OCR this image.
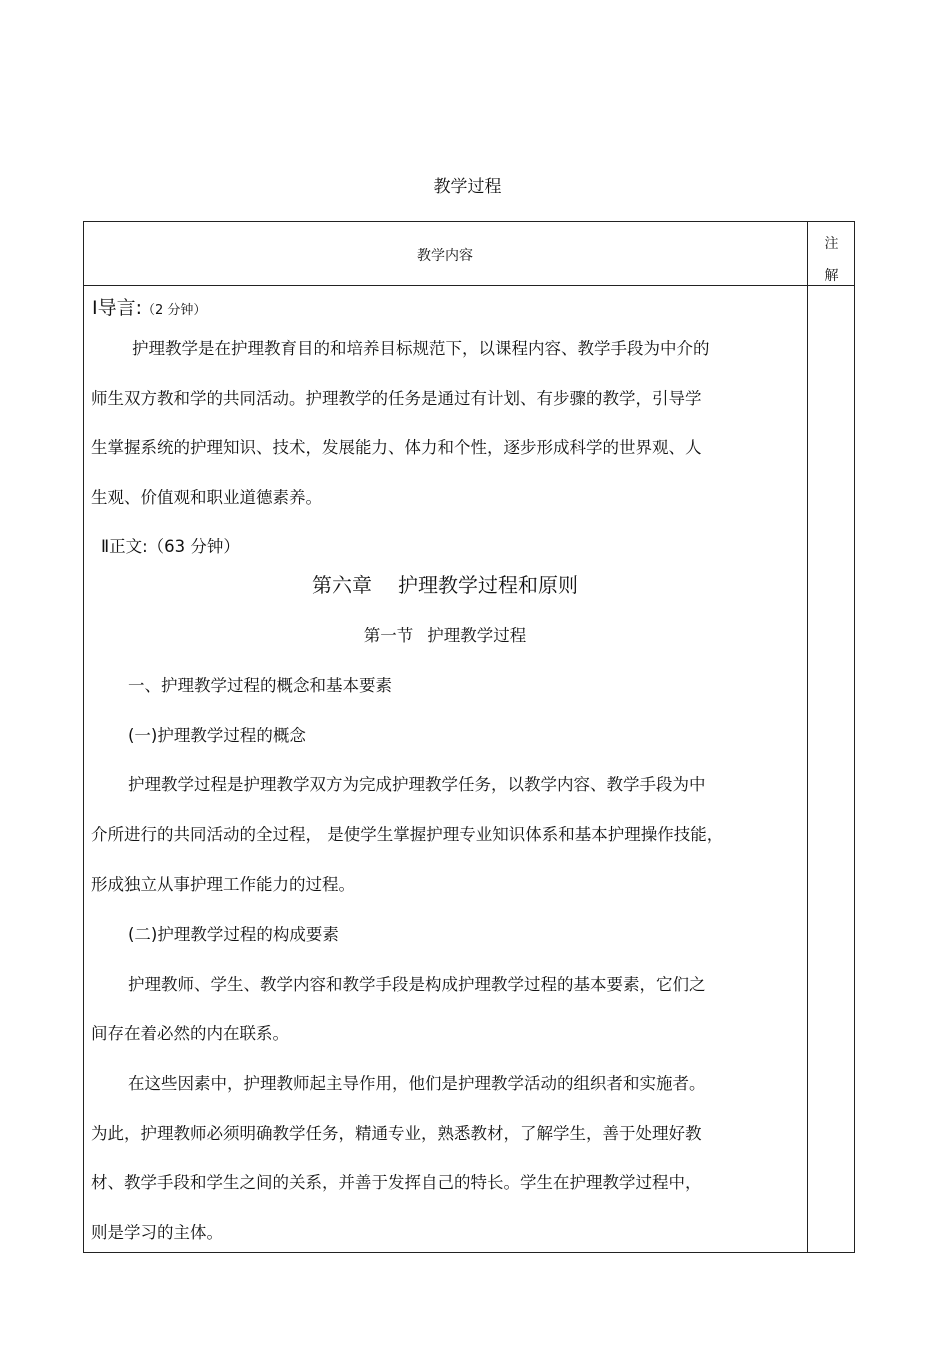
教学过程
教学内容
注
解
Ⅰ导言:（2 分钟）
护理教学是在护理教育目的和培养目标规范下，以课程内容、教学手段为中介的
师生双方教和学的共同活动。护理教学的任务是通过有计划、有步骤的教学，引导学
生掌握系统的护理知识、技术，发展能力、体力和个性，逐步形成科学的世界观、人
生观、价值观和职业道德素养。
Ⅱ正文:（63 分钟）
第六章 护理教学过程和原则
第一节 护理教学过程
一、护理教学过程的概念和基本要素
(一)护理教学过程的概念
护理教学过程是护理教学双方为完成护理教学任务，以教学内容、教学手段为中
介所进行的共同活动的全过程， 是使学生掌握护理专业知识体系和基本护理操作技能，
形成独立从事护理工作能力的过程。
(二)护理教学过程的构成要素
护理教师、学生、教学内容和教学手段是构成护理教学过程的基本要素，它们之
间存在着必然的内在联系。
在这些因素中，护理教师起主导作用，他们是护理教学活动的组织者和实施者。
为此，护理教师必须明确教学任务，精通专业，熟悉教材，了解学生，善于处理好教
材、教学手段和学生之间的关系，并善于发挥自己的特长。学生在护理教学过程中，
则是学习的主体。
